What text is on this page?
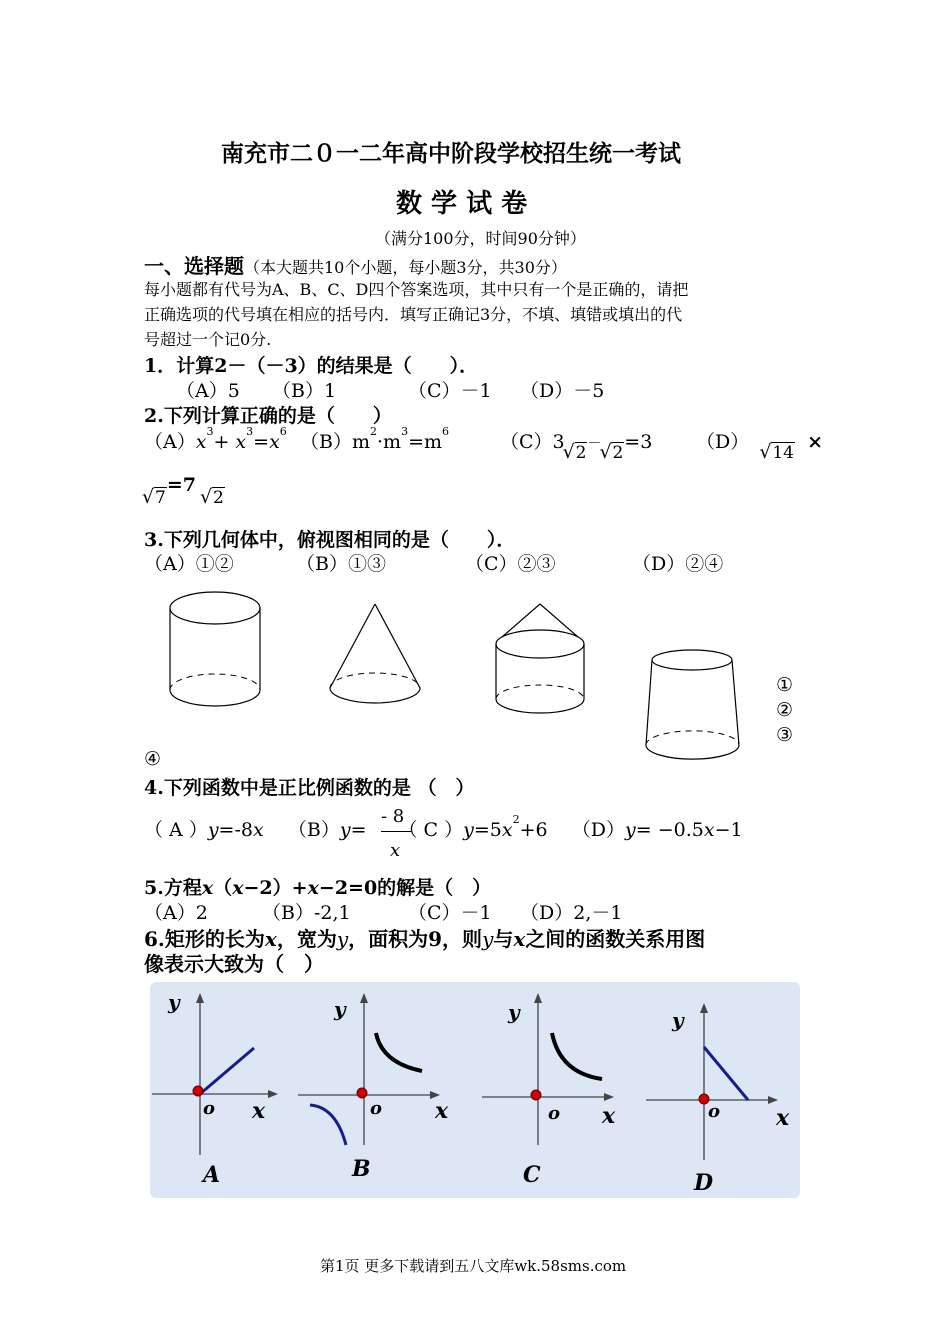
南充市二０一二年高中阶段学校招生统一考试
数 学 试 卷
（满分100分，时间90分钟）
一、选择题（本大题共10个小题，每小题3分，共30分）
每小题都有代号为A、B、C、D四个答案选项，其中只有一个是正确的，请把
正确选项的代号填在相应的括号内．填写正确记3分，不填、填错或填出的代
号超过一个记0分.
1．计算2－（－3）的结果是（　　）．
（A）5 （B）1	（C）－1 （D）－5
2.下列计算正确的是（　　）
$(A)x^3+ x^3=x^6$ $(B)m^2\cdot m^3=m^6$	（C）3 √ 2－ √ 2=3 （D） √ 14 ×
√ 7=7 √ 2
3.下列几何体中，俯视图相同的是（　　）．
（A）①②	（B）①③	（C）②③	（D）②④
①
②
③
④
4.下列函数中是正比例函数的是 （　）
（ A ）y=-8x （B）y= （ C ）$y=5x^2+6$ （D）y= −0.5x−1
- 8
x
5.方程x（x−2）+x−2=0的解是（　）
（A）2	（B）-2,1	（C）－1 （D）2,－1
6.矩形的长为x，宽为y，面积为9，则y与x之间的函数关系用图
像表示大致为（　）
y
o x
A
y
o x
B
y
o x
C
y
o	x
D
第1页 更多下载请到五八文库wk.58sms.com
